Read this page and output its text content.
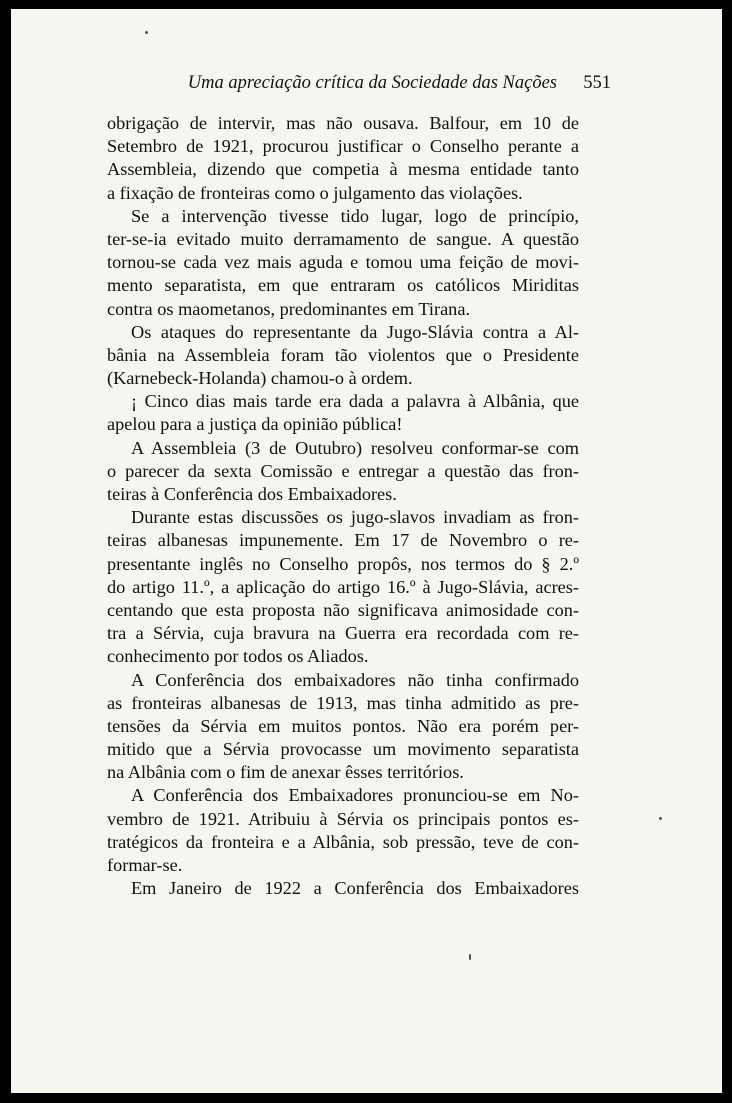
Uma apreciação crítica da Sociedade das Nações 551
obrigação de intervir, mas não ousava. Balfour, em 10 de
Setembro de 1921, procurou justificar o Conselho perante a
Assembleia, dizendo que competia à mesma entidade tanto
a fixação de fronteiras como o julgamento das violações.
Se a intervenção tivesse tido lugar, logo de princípio,
ter-se-ia evitado muito derramamento de sangue. A questão
tornou-se cada vez mais aguda e tomou uma feição de movi-
mento separatista, em que entraram os católicos Miriditas
contra os maometanos, predominantes em Tirana.
Os ataques do representante da Jugo-Slávia contra a Al-
bânia na Assembleia foram tão violentos que o Presidente
(Karnebeck-Holanda) chamou-o à ordem.
¡ Cinco dias mais tarde era dada a palavra à Albânia, que
apelou para a justiça da opinião pública!
A Assembleia (3 de Outubro) resolveu conformar-se com
o parecer da sexta Comissão e entregar a questão das fron-
teiras à Conferência dos Embaixadores.
Durante estas discussões os jugo-slavos invadiam as fron-
teiras albanesas impunemente. Em 17 de Novembro o re-
presentante inglês no Conselho propôs, nos termos do § 2.º
do artigo 11.º, a aplicação do artigo 16.º à Jugo-Slávia, acres-
centando que esta proposta não significava animosidade con-
tra a Sérvia, cuja bravura na Guerra era recordada com re-
conhecimento por todos os Aliados.
A Conferência dos embaixadores não tinha confirmado
as fronteiras albanesas de 1913, mas tinha admitido as pre-
tensões da Sérvia em muitos pontos. Não era porém per-
mitido que a Sérvia provocasse um movimento separatista
na Albânia com o fim de anexar êsses territórios.
A Conferência dos Embaixadores pronunciou-se em No-
vembro de 1921. Atribuiu à Sérvia os principais pontos es-
tratégicos da fronteira e a Albânia, sob pressão, teve de con-
formar-se.
Em Janeiro de 1922 a Conferência dos Embaixadores
